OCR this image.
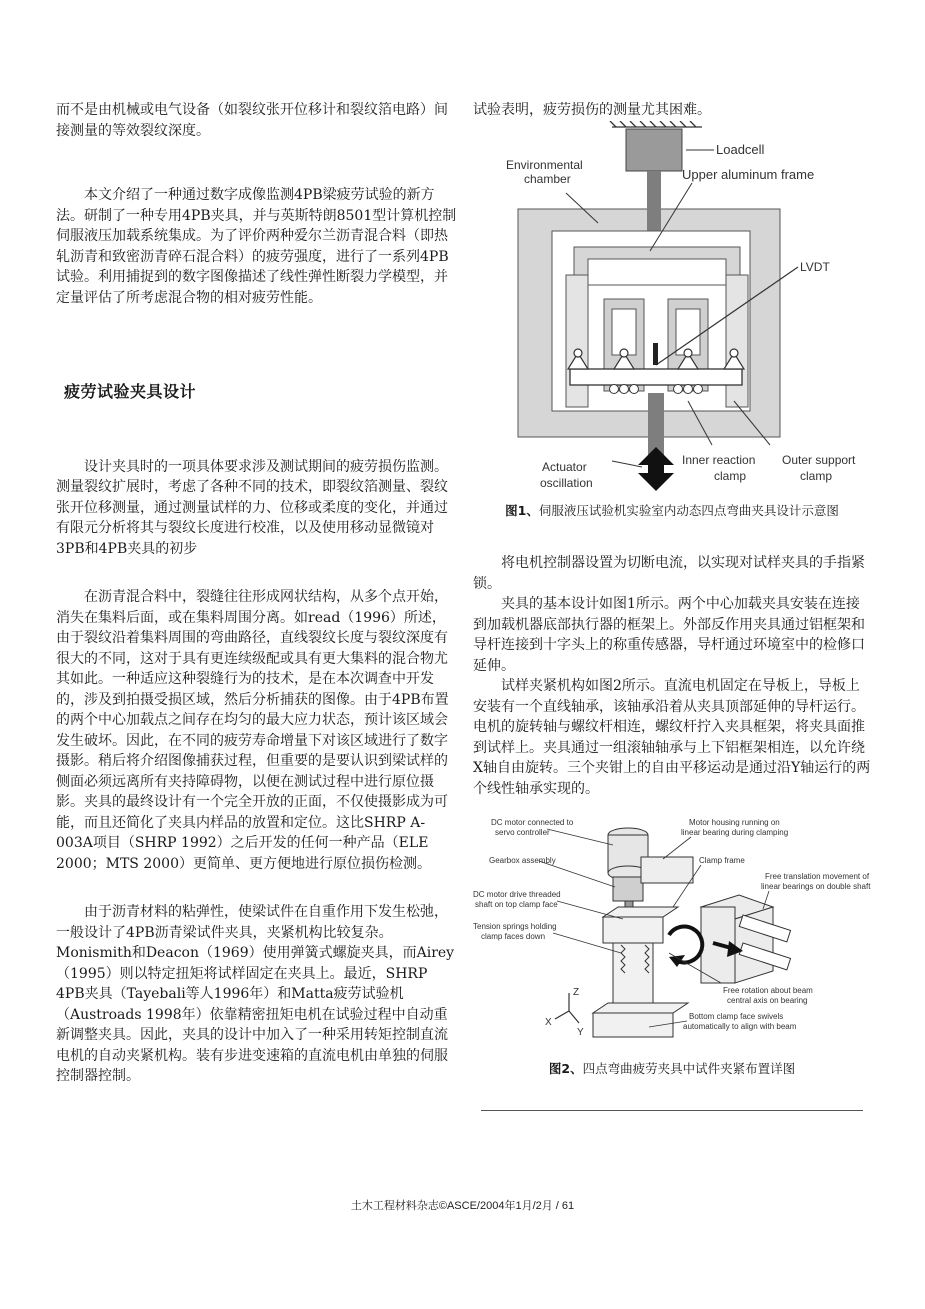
而不是由机械或电气设备（如裂纹张开位移计和裂纹箔电路）间接测量的等效裂纹深度。

本文介绍了一种通过数字成像监测4PB梁疲劳试验的新方法。研制了一种专用4PB夹具，并与英斯特朗8501型计算机控制伺服液压加载系统集成。为了评价两种爱尔兰沥青混合料（即热轧沥青和致密沥青碎石混合料）的疲劳强度，进行了一系列4PB试验。利用捕捉到的数字图像描述了线性弹性断裂力学模型，并定量评估了所考虑混合物的相对疲劳性能。

疲劳试验夹具设计

设计夹具时的一项具体要求涉及测试期间的疲劳损伤监测。测量裂纹扩展时，考虑了各种不同的技术，即裂纹箔测量、裂纹张开位移测量，通过测量试样的力、位移或柔度的变化，并通过有限元分析将其与裂纹长度进行校准，以及使用移动显微镜对3PB和4PB夹具的初步

在沥青混合料中，裂缝往往形成网状结构，从多个点开始，消失在集料后面，或在集料周围分离。如read（1996）所述，由于裂纹沿着集料周围的弯曲路径，直线裂纹长度与裂纹深度有很大的不同，这对于具有更连续级配或具有更大集料的混合物尤其如此。一种适应这种裂缝行为的技术，是在本次调查中开发的，涉及到拍摄受损区域，然后分析捕获的图像。由于4PB布置的两个中心加载点之间存在均匀的最大应力状态，预计该区域会发生破坏。因此，在不同的疲劳寿命增量下对该区域进行了数字摄影。稍后将介绍图像捕获过程，但重要的是要认识到梁试样的侧面必须远离所有夹持障碍物，以便在测试过程中进行原位摄影。夹具的最终设计有一个完全开放的正面，不仅使摄影成为可能，而且还简化了夹具内样品的放置和定位。这比SHRP A-003A项目（SHRP 1992）之后开发的任何一种产品（ELE 2000；MTS 2000）更简单、更方便地进行原位损伤检测。

由于沥青材料的粘弹性，使梁试件在自重作用下发生松弛，一般设计了4PB沥青梁试件夹具，夹紧机构比较复杂。Monismith和Deacon（1969）使用弹簧式螺旋夹具，而Airey（1995）则以特定扭矩将试样固定在夹具上。最近，SHRP 4PB夹具（Tayebali等人1996年）和Matta疲劳试验机（Austroads 1998年）依靠精密扭矩电机在试验过程中自动重新调整夹具。因此，夹具的设计中加入了一种采用转矩控制直流电机的自动夹紧机构。装有步进变速箱的直流电机由单独的伺服控制器控制。

试验表明，疲劳损伤的测量尤其困难。

Loadcell
Environmental
chamber	Upper aluminum frame
LVDT
Actuator
oscillation
Inner reaction
clamp
Outer support
clamp
图1、伺服液压试验机实验室内动态四点弯曲夹具设计示意图

将电机控制器设置为切断电流，以实现对试样夹具的手指紧锁。

夹具的基本设计如图1所示。两个中心加载夹具安装在连接到加载机器底部执行器的框架上。外部反作用夹具通过铝框架和导杆连接到十字头上的称重传感器，导杆通过环境室中的检修口延伸。

试样夹紧机构如图2所示。直流电机固定在导板上，导板上安装有一个直线轴承，该轴承沿着从夹具顶部延伸的导杆运行。电机的旋转轴与螺纹杆相连，螺纹杆拧入夹具框架，将夹具面推到试样上。夹具通过一组滚轴轴承与上下铝框架相连，以允许绕X轴自由旋转。三个夹钳上的自由平移运动是通过沿Y轴运行的两个线性轴承实现的。

DC motor connected to
servo controller
Gearbox assembly
DC motor drive threaded
shaft on top clamp face
Tension springs holding
clamp faces down
Motor housing running on
linear bearing during clamping
Clamp frame
Free translation movement of
linear bearings on double shaft
Free rotation about beam
central axis on bearing
Bottom clamp face swivels
automatically to align with beam
Z
X
Y
图2、四点弯曲疲劳夹具中试件夹紧布置详图
土木工程材料杂志©ASCE/2004年1月/2月 / 61
